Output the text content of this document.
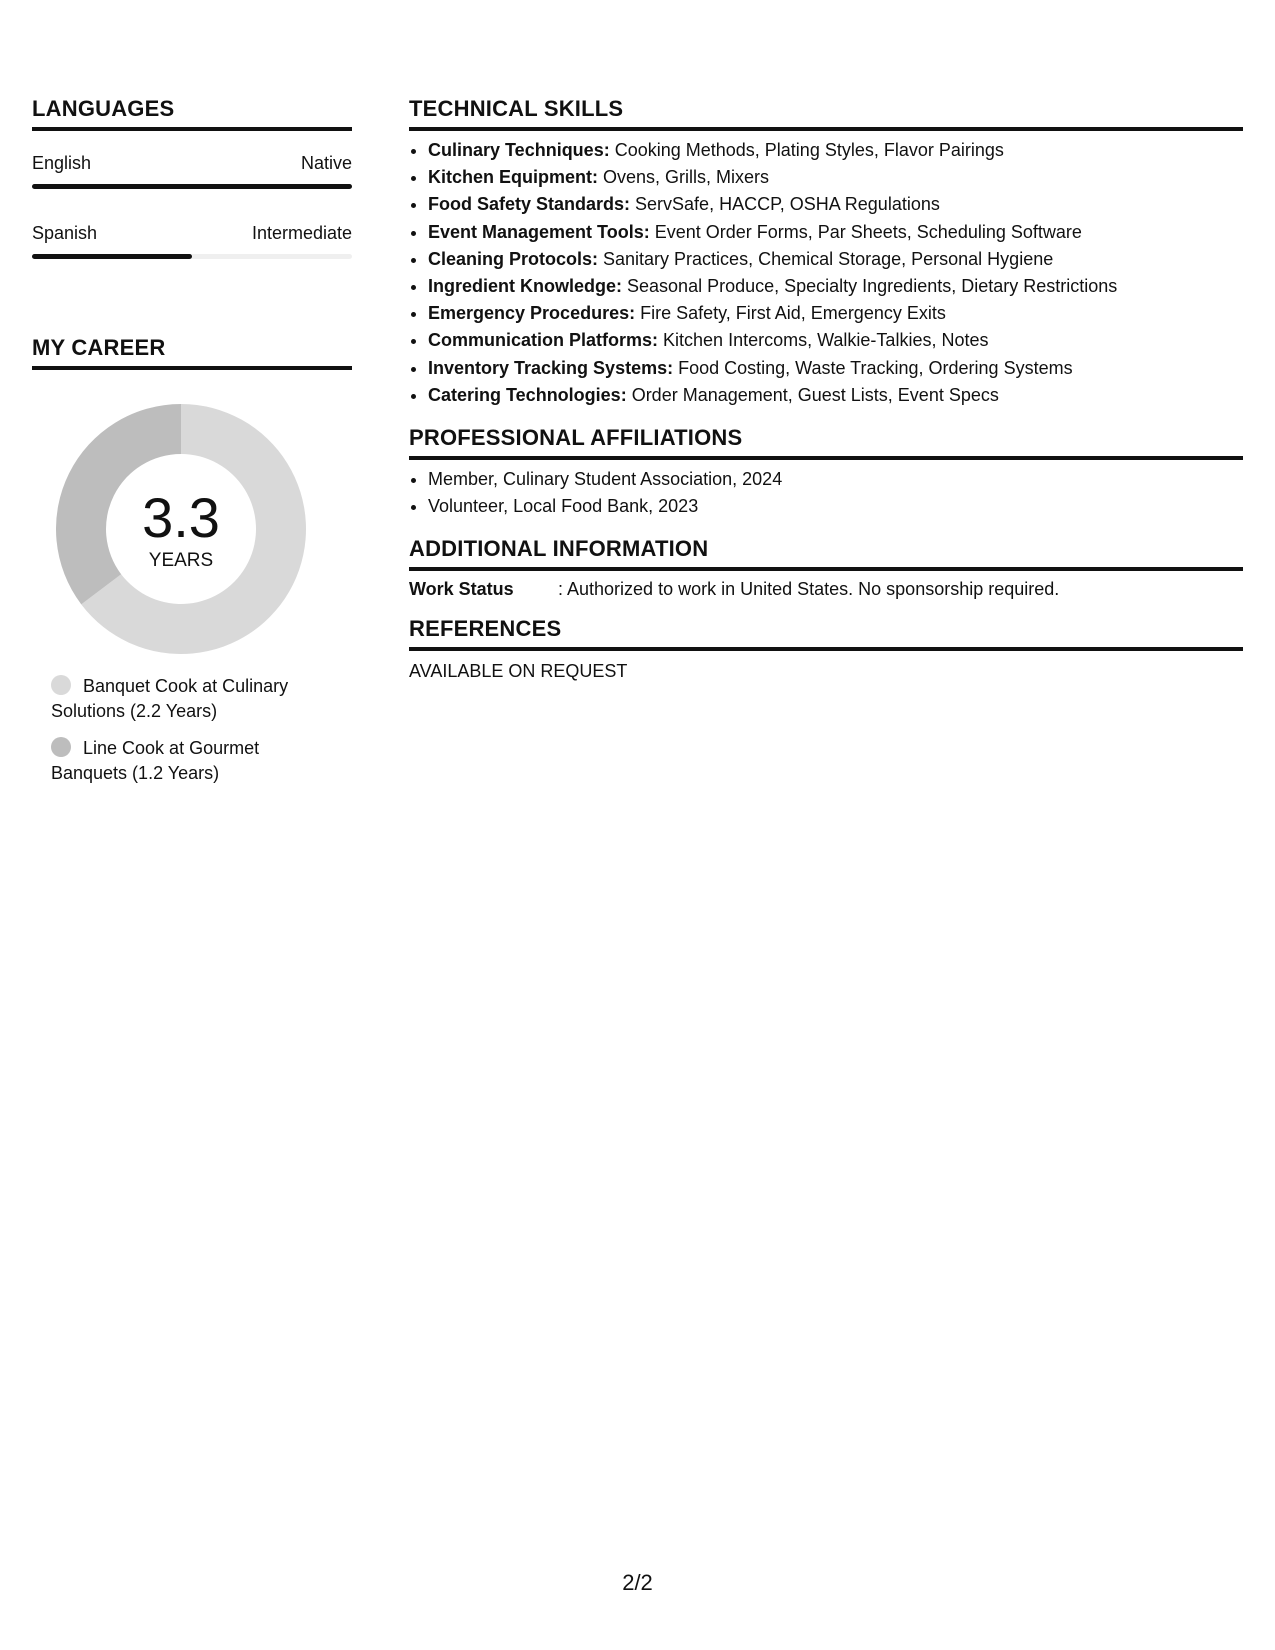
LANGUAGES
English	Native
Spanish	Intermediate
MY CAREER
3.3
YEARS
Banquet Cook at Culinary Solutions (2.2 Years)
Line Cook at Gourmet Banquets (1.2 Years)
TECHNICAL SKILLS
• Culinary Techniques: Cooking Methods, Plating Styles, Flavor Pairings
• Kitchen Equipment: Ovens, Grills, Mixers
• Food Safety Standards: ServSafe, HACCP, OSHA Regulations
• Event Management Tools: Event Order Forms, Par Sheets, Scheduling Software
• Cleaning Protocols: Sanitary Practices, Chemical Storage, Personal Hygiene
• Ingredient Knowledge: Seasonal Produce, Specialty Ingredients, Dietary Restrictions
• Emergency Procedures: Fire Safety, First Aid, Emergency Exits
• Communication Platforms: Kitchen Intercoms, Walkie-Talkies, Notes
• Inventory Tracking Systems: Food Costing, Waste Tracking, Ordering Systems
• Catering Technologies: Order Management, Guest Lists, Event Specs
PROFESSIONAL AFFILIATIONS
• Member, Culinary Student Association, 2024
• Volunteer, Local Food Bank, 2023
ADDITIONAL INFORMATION
Work Status	: Authorized to work in United States. No sponsorship required.
REFERENCES
AVAILABLE ON REQUEST
2/2
